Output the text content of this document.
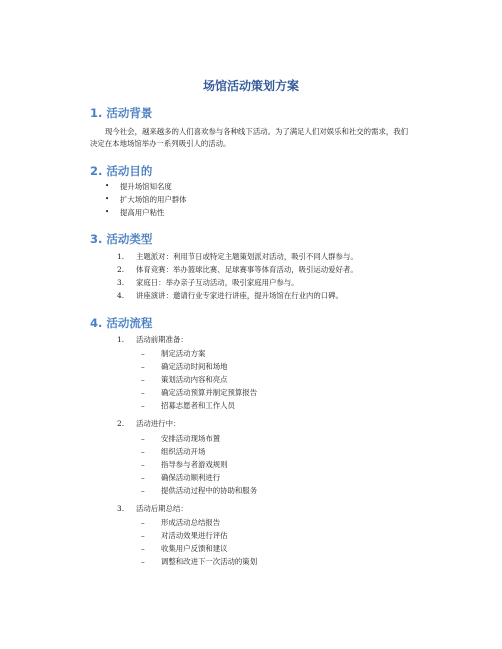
场馆活动策划方案
1. 活动背景

现今社会，越来越多的人们喜欢参与各种线下活动。为了满足人们对娱乐和社交的需求，我们决定在本地场馆举办一系列吸引人的活动。

2. 活动目的
• 提升场馆知名度
• 扩大场馆的用户群体
• 提高用户粘性
3. 活动类型
1. 主题派对：利用节日或特定主题策划派对活动，吸引不同人群参与。
2. 体育竞赛：举办篮球比赛、足球赛事等体育活动，吸引运动爱好者。
3. 家庭日：举办亲子互动活动，吸引家庭用户参与。
4. 讲座演讲：邀请行业专家进行讲座，提升场馆在行业内的口碑。
4. 活动流程
1. 活动前期准备：
– 制定活动方案
– 确定活动时间和场地
– 策划活动内容和亮点
– 确定活动预算并制定预算报告
– 招募志愿者和工作人员
2. 活动进行中：
– 安排活动现场布置
– 组织活动开场
– 指导参与者游戏规则
– 确保活动顺利进行
– 提供活动过程中的协助和服务
3. 活动后期总结：
– 形成活动总结报告
– 对活动效果进行评估
– 收集用户反馈和建议
– 调整和改进下一次活动的策划
